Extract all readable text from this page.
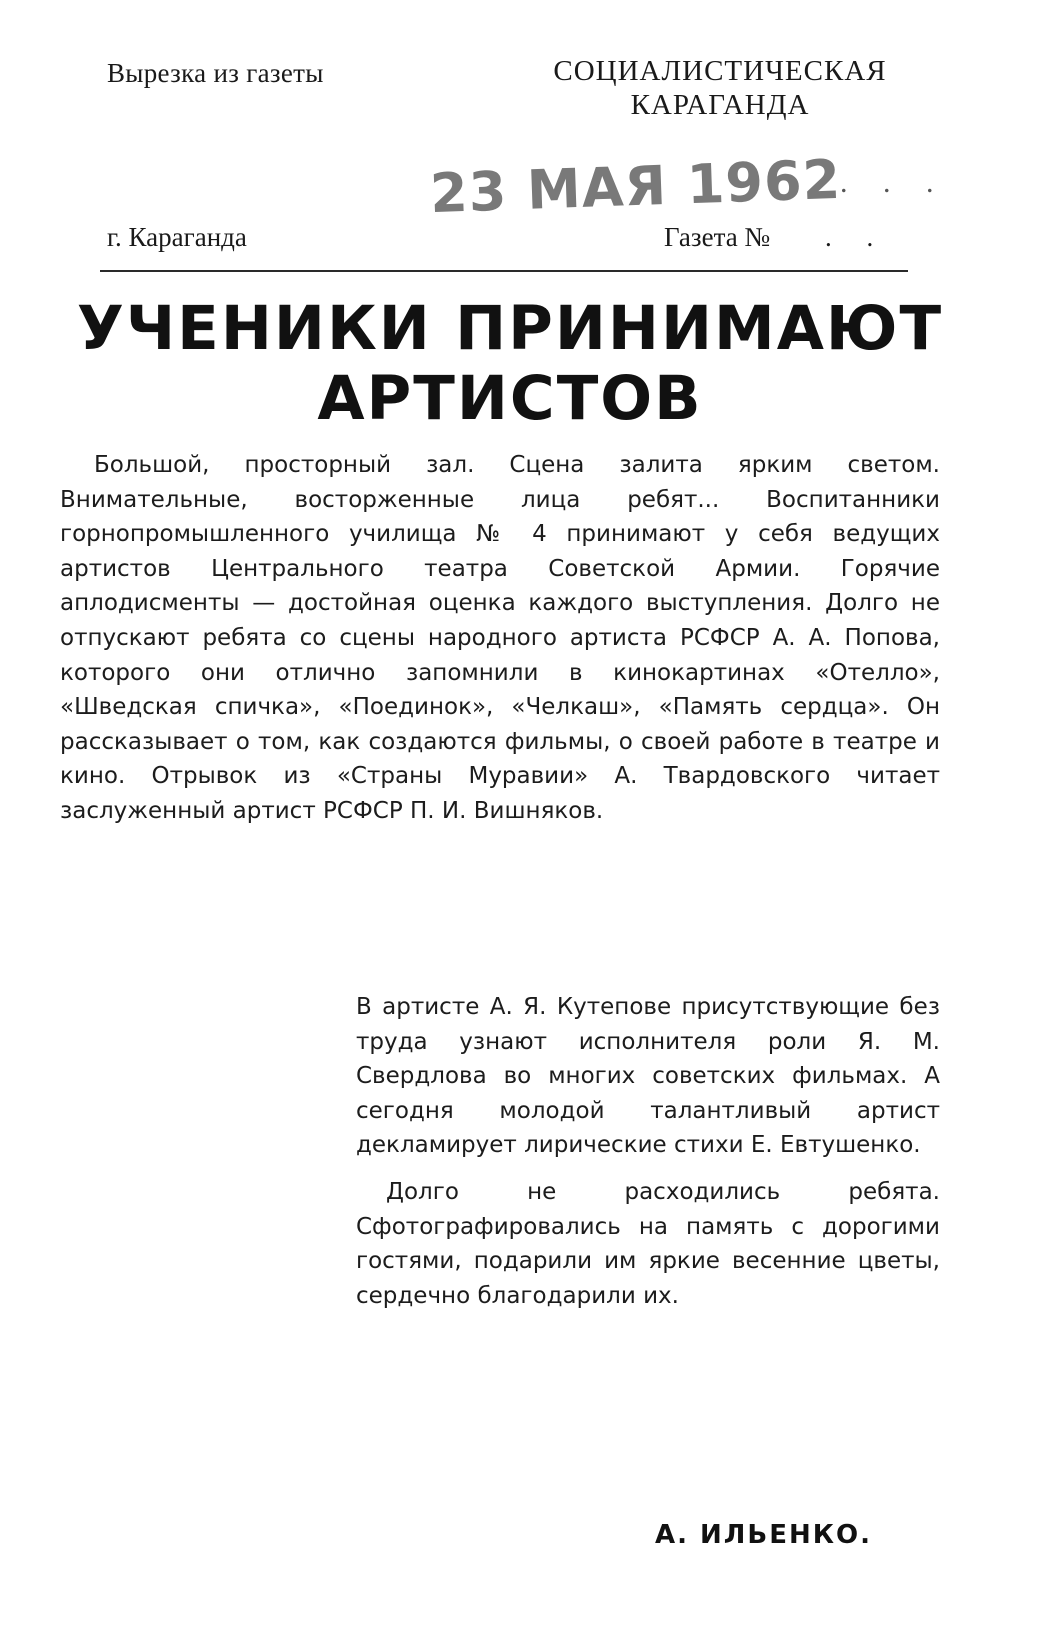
Вырезка из газеты	СОЦИАЛИСТИЧЕСКАЯ КАРАГАНДА
23 МАЯ 1962
. . .
г. Караганда	Газета № . .
УЧЕНИКИ ПРИНИМАЮТ АРТИСТОВ
Большой, просторный зал. Сцена залита ярким светом. Внимательные, восторженные лица ребят... Воспитанники горнопромышленного училища № 4 принимают у себя ведущих артистов Центрального театра Советской Армии. Горячие аплодисменты — достойная оценка каждого выступления. Долго не отпускают ребята со сцены народного артиста РСФСР А. А. Попова, которого они отлично запомнили в кинокартинах «Отелло», «Шведская спичка», «Поединок», «Челкаш», «Память сердца». Он рассказывает о том, как создаются фильмы, о своей работе в театре и кино. Отрывок из «Страны Муравии» А. Твардовского читает заслуженный артист РСФСР П. И. Вишняков.

В артисте А. Я. Кутепове присутствующие без труда узнают исполнителя роли Я. М. Свердлова во многих советских фильмах. А сегодня молодой талантливый артист декламирует лирические стихи Е. Евтушенко.

Долго не расходились ребята. Сфотографировались на память с дорогими гостями, подарили им яркие весенние цветы, сердечно благодарили их.

А. ИЛЬЕНКО.
